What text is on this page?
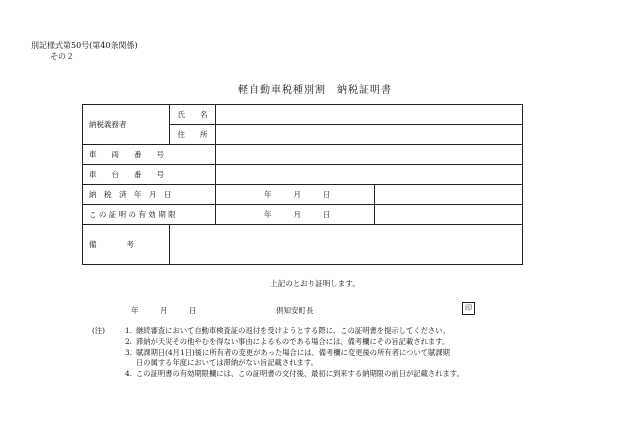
別記様式第50号(第40条関係)
その２
軽自動車税種別割　納税証明書
納税義務者	氏　　名		
	住　　所		
車　　両　　番　　号			
車　　台　　番　　号			
納　税　済　年　月　日		年 月 日	
こ の 証 明 の 有 効 期 限		年 月 日	
備　　　　考			
上記のとおり証明します。
年	月	日	倶知安町長	印
(注)	1. 継続審査において自動車検査証の返付を受けようとする際に、この証明書を提示してください。
2. 滞納が天災その他やむを得ない事由によるものである場合には、備考欄にその旨記載されます。
3. 賦課期日(4月1日)後に所有者の変更があった場合には、備考欄に変更後の所有者について賦課期
日の属する年度においては滞納がない旨記載されます。
4. この証明書の有効期限欄には、この証明書の交付後、最初に到来する納期限の前日が記載されます。
